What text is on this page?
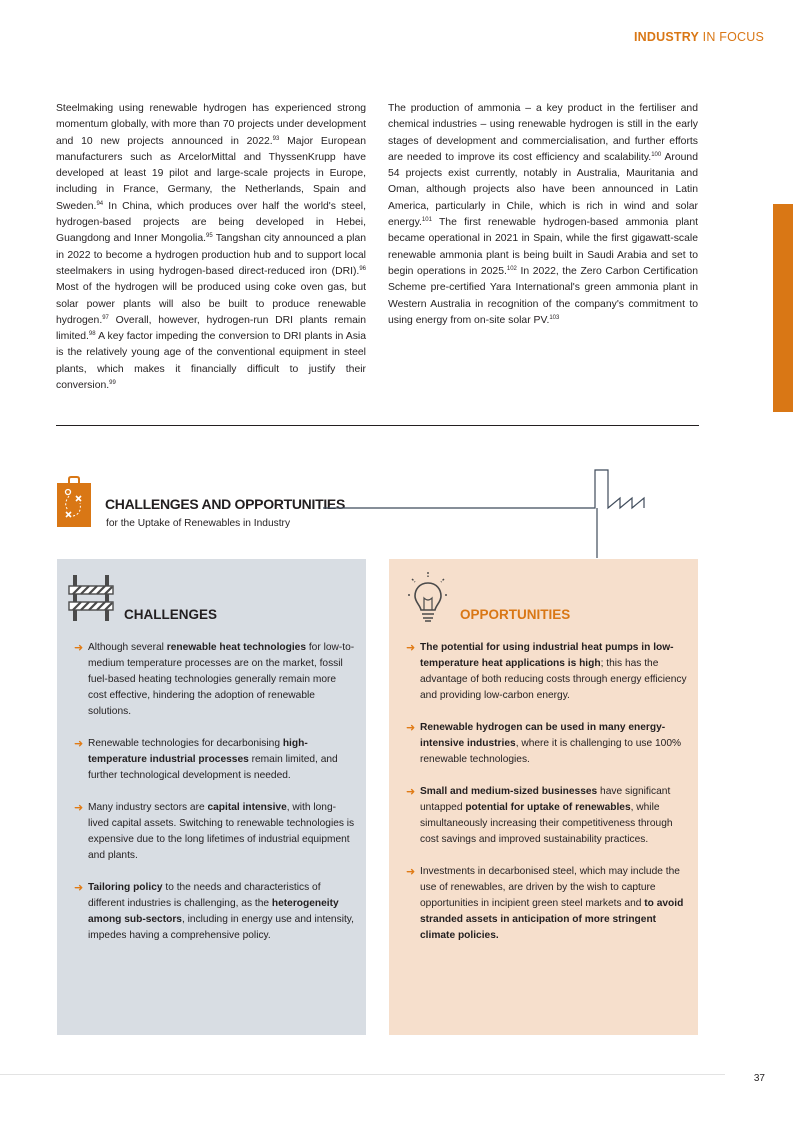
INDUSTRY IN FOCUS
Steelmaking using renewable hydrogen has experienced strong momentum globally, with more than 70 projects under development and 10 new projects announced in 2022.93 Major European manufacturers such as ArcelorMittal and ThyssenKrupp have developed at least 19 pilot and large-scale projects in Europe, including in France, Germany, the Netherlands, Spain and Sweden.$^{94}$ In China, which produces over half the world's steel, hydrogen-based projects are being developed in Hebei, Guangdong and Inner Mongolia.$^{95}$ Tangshan city announced a plan in 2022 to become a hydrogen production hub and to support local steelmakers in using hydrogen-based direct-reduced iron (DRI).$^{96}$ Most of the hydrogen will be produced using coke oven gas, but solar power plants will also be built to produce renewable hydrogen.$^{97}$ Overall, however, hydrogen-run DRI plants remain limited.$^{98}$ A key factor impeding the conversion to DRI plants in Asia is the relatively young age of the conventional equipment in steel plants, which makes it financially difficult to justify their conversion.$^{99}$
The production of ammonia – a key product in the fertiliser and chemical industries – using renewable hydrogen is still in the early stages of development and commercialisation, and further efforts are needed to improve its cost efficiency and scalability.$^{100}$ Around 54 projects exist currently, notably in Australia, Mauritania and Oman, although projects also have been announced in Latin America, particularly in Chile, which is rich in wind and solar energy.$^{101}$ The first renewable hydrogen-based ammonia plant became operational in 2021 in Spain, while the first gigawatt-scale renewable ammonia plant is being built in Saudi Arabia and set to begin operations in 2025.$^{102}$ In 2022, the Zero Carbon Certification Scheme pre-certified Yara International's green ammonia plant in Western Australia in recognition of the company's commitment to using energy from on-site solar PV.$^{103}$
CHALLENGES AND OPPORTUNITIES
for the Uptake of Renewables in Industry
CHALLENGES
➜ Although several renewable heat technologies for low-to-medium temperature processes are on the market, fossil fuel-based heating technologies generally remain more cost effective, hindering the adoption of renewable solutions.
➜ Renewable technologies for decarbonising high-temperature industrial processes remain limited, and further technological development is needed.
➜ Many industry sectors are capital intensive, with long-lived capital assets. Switching to renewable technologies is expensive due to the long lifetimes of industrial equipment and plants.
➜ Tailoring policy to the needs and characteristics of different industries is challenging, as the heterogeneity among sub-sectors, including in energy use and intensity, impedes having a comprehensive policy.
OPPORTUNITIES
➜ The potential for using industrial heat pumps in low-temperature heat applications is high; this has the advantage of both reducing costs through energy efficiency and providing low-carbon energy.
➜ Renewable hydrogen can be used in many energy-intensive industries, where it is challenging to use 100% renewable technologies.
➜ Small and medium-sized businesses have significant untapped potential for uptake of renewables, while simultaneously increasing their competitiveness through cost savings and improved sustainability practices.
➜ Investments in decarbonised steel, which may include the use of renewables, are driven by the wish to capture opportunities in incipient green steel markets and to avoid stranded assets in anticipation of more stringent climate policies.
37
